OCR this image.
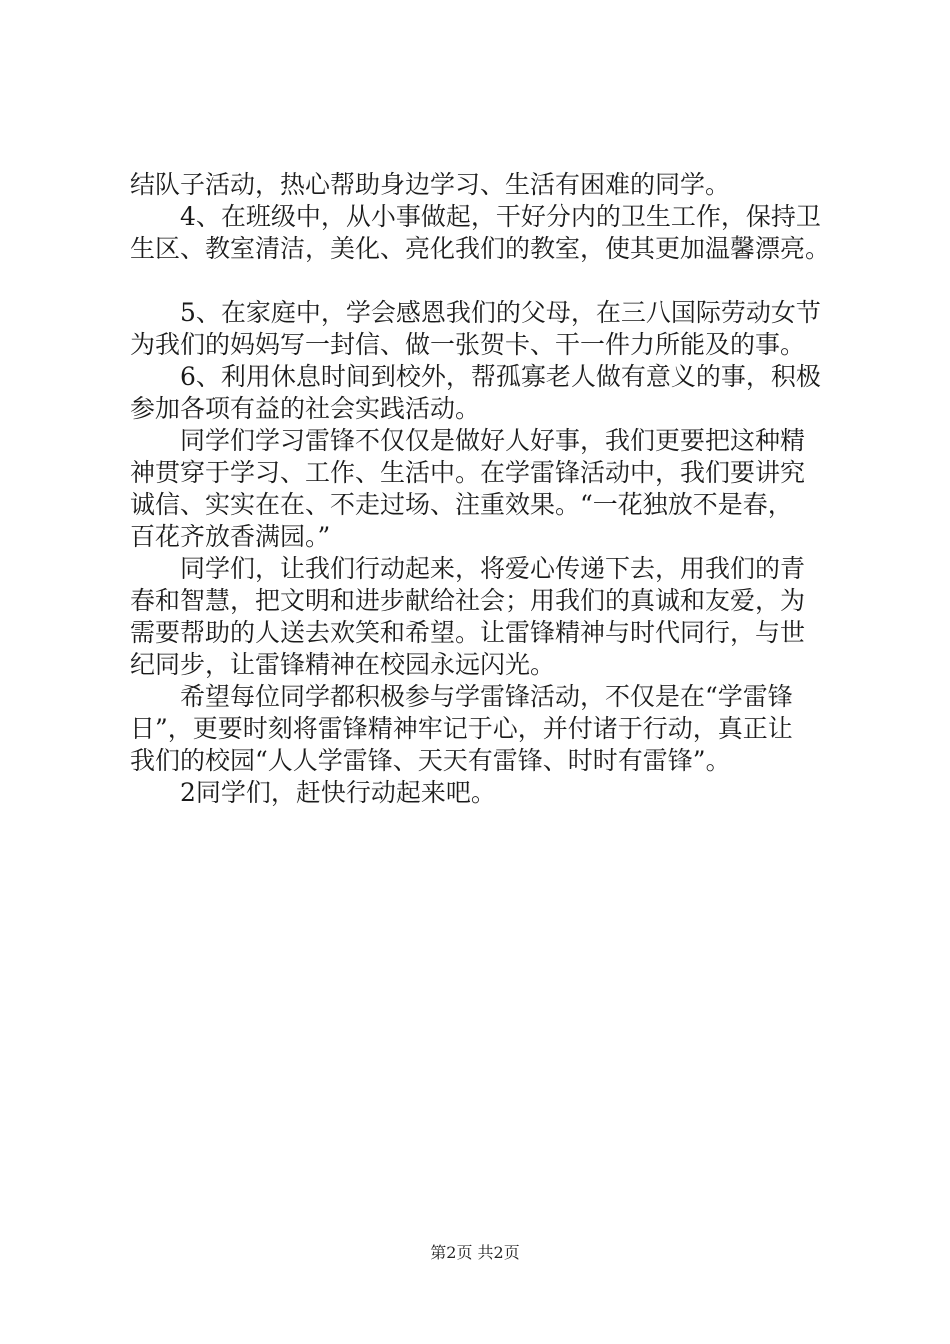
结队子活动，热心帮助身边学习、生活有困难的同学。
　　4、在班级中，从小事做起，干好分内的卫生工作，保持卫
生区、教室清洁，美化、亮化我们的教室，使其更加温馨漂亮。
　　5、在家庭中，学会感恩我们的父母，在三八国际劳动女节
为我们的妈妈写一封信、做一张贺卡、干一件力所能及的事。
　　6、利用休息时间到校外，帮孤寡老人做有意义的事，积极
参加各项有益的社会实践活动。
　　同学们学习雷锋不仅仅是做好人好事，我们更要把这种精
神贯穿于学习、工作、生活中。在学雷锋活动中，我们要讲究
诚信、实实在在、不走过场、注重效果。“一花独放不是春，
百花齐放香满园。”
　　同学们，让我们行动起来，将爱心传递下去，用我们的青
春和智慧，把文明和进步献给社会；用我们的真诚和友爱，为
需要帮助的人送去欢笑和希望。让雷锋精神与时代同行，与世
纪同步，让雷锋精神在校园永远闪光。
　　希望每位同学都积极参与学雷锋活动，不仅是在“学雷锋
日”，更要时刻将雷锋精神牢记于心，并付诸于行动，真正让
我们的校园“人人学雷锋、天天有雷锋、时时有雷锋”。
　　2同学们，赶快行动起来吧。
第2页 共2页
